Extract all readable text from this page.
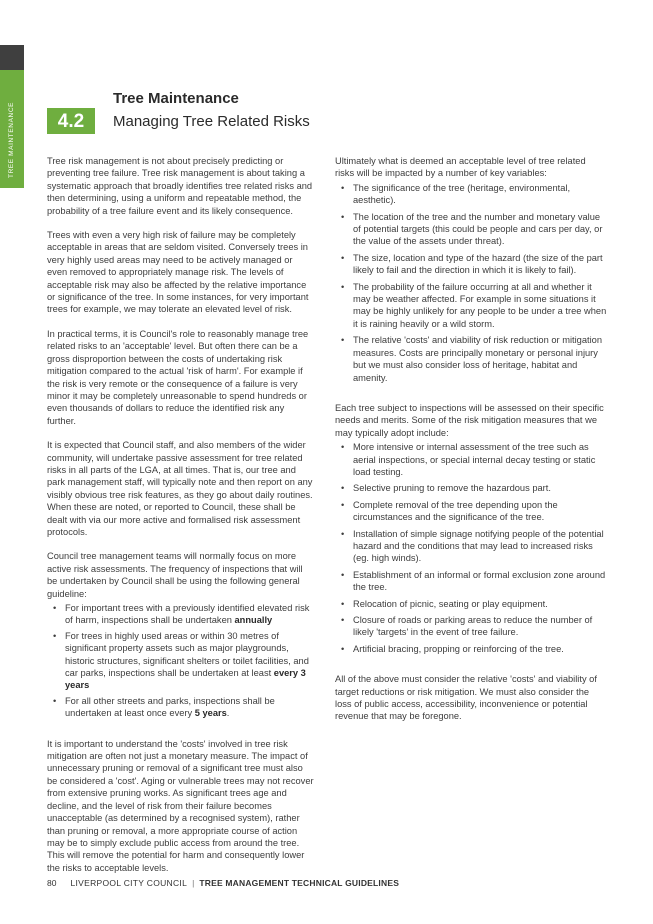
4.2
Tree Maintenance
Managing Tree Related Risks

Tree risk management is not about precisely predicting or preventing tree failure. Tree risk management is about taking a systematic approach that broadly identifies tree related risks and then determining, using a uniform and repeatable method, the probability of a tree failure event and its likely consequence.

Trees with even a very high risk of failure may be completely acceptable in areas that are seldom visited. Conversely trees in very highly used areas may need to be actively managed or even removed to appropriately manage risk. The levels of acceptable risk may also be affected by the relative importance or significance of the tree. In some instances, for very important trees for example, we may tolerate an elevated level of risk.

In practical terms, it is Council's role to reasonably manage tree related risks to an 'acceptable' level. But often there can be a gross disproportion between the costs of undertaking risk mitigation compared to the actual 'risk of harm'. For example if the risk is very remote or the consequence of a failure is very minor it may be completely unreasonable to spend hundreds or even thousands of dollars to reduce the identified risk any further.

It is expected that Council staff, and also members of the wider community, will undertake passive assessment for tree related risks in all parts of the LGA, at all times. That is, our tree and park management staff, will typically note and then report on any visibly obvious tree risk features, as they go about daily routines. When these are noted, or reported to Council, these shall be dealt with via our more active and formalised risk assessment protocols.

Council tree management teams will normally focus on more active risk assessments. The frequency of inspections that will be undertaken by Council shall be using the following general guideline:

• For important trees with a previously identified elevated risk of harm, inspections shall be undertaken annually
• For trees in highly used areas or within 30 metres of significant property assets such as major playgrounds, historic structures, significant shelters or toilet facilities, and car parks, inspections shall be undertaken at least every 3 years
• For all other streets and parks, inspections shall be undertaken at least once every 5 years.

It is important to understand the 'costs' involved in tree risk mitigation are often not just a monetary measure. The impact of unnecessary pruning or removal of a significant tree must also be considered a 'cost'. Aging or vulnerable trees may not recover from extensive pruning works. As significant trees age and decline, and the level of risk from their failure becomes unacceptable (as determined by a recognised system), rather than pruning or removal, a more appropriate course of action may be to simply exclude public access from around the tree. This will remove the potential for harm and consequently lower the risks to acceptable levels.

Ultimately what is deemed an acceptable level of tree related risks will be impacted by a number of key variables:

• The significance of the tree (heritage, environmental, aesthetic).
• The location of the tree and the number and monetary value of potential targets (this could be people and cars per day, or the value of the assets under threat).
• The size, location and type of the hazard (the size of the part likely to fail and the direction in which it is likely to fail).
• The probability of the failure occurring at all and whether it may be weather affected. For example in some situations it may be highly unlikely for any people to be under a tree when it is raining heavily or a wild storm.
• The relative 'costs' and viability of risk reduction or mitigation measures. Costs are principally monetary or personal injury but we must also consider loss of heritage, habitat and amenity.

Each tree subject to inspections will be assessed on their specific needs and merits. Some of the risk mitigation measures that we may typically adopt include:

• More intensive or internal assessment of the tree such as aerial inspections, or special internal decay testing or static load testing.
• Selective pruning to remove the hazardous part.
• Complete removal of the tree depending upon the circumstances and the significance of the tree.
• Installation of simple signage notifying people of the potential hazard and the conditions that may lead to increased risks (eg. high winds).
• Establishment of an informal or formal exclusion zone around the tree.
• Relocation of picnic, seating or play equipment.
• Closure of roads or parking areas to reduce the number of likely 'targets' in the event of tree failure.
• Artificial bracing, propping or reinforcing of the tree.

All of the above must consider the relative 'costs' and viability of target reductions or risk mitigation. We must also consider the loss of public access, accessibility, inconvenience or potential revenue that may be foregone.

80 LIVERPOOL CITY COUNCIL | TREE MANAGEMENT TECHNICAL GUIDELINES
